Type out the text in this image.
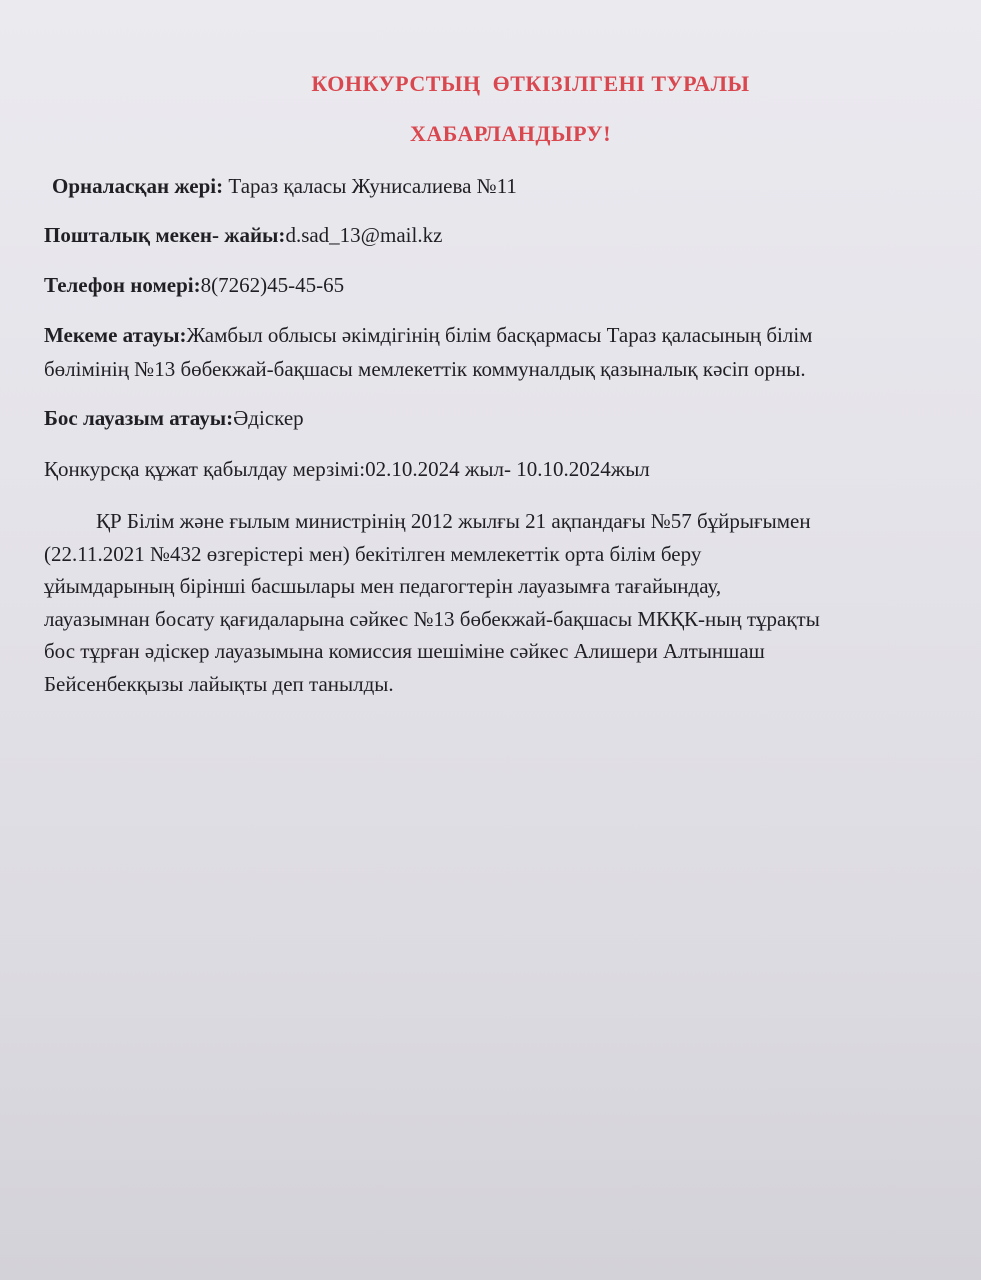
КОНКУРСТЫҢ  ӨТКІЗІЛГЕНІ ТУРАЛЫ
ХАБАРЛАНДЫРУ!
Орналасқан жері: Тараз қаласы Жунисалиева №11
Пошталық мекен- жайы:d.sad_13@mail.kz
Телефон номері:8(7262)45-45-65
Мекеме атауы:Жамбыл облысы әкімдігінің білім басқармасы Тараз қаласының білім
бөлімінің №13 бөбекжай-бақшасы мемлекеттік коммуналдық қазыналық кәсіп орны.
Бос лауазым атауы:Әдіскер
Қонкурсқа құжат қабылдау мерзімі:02.10.2024 жыл- 10.10.2024жыл
ҚР Білім және ғылым министрінің 2012 жылғы 21 ақпандағы №57 бұйрығымен
(22.11.2021 №432 өзгерістері мен) бекітілген мемлекеттік орта білім беру
ұйымдарының бірінші басшылары мен педагогтерін лауазымға тағайындау,
лауазымнан босату қағидаларына сәйкес №13 бөбекжай-бақшасы МКҚК-ның тұрақты
бос тұрған әдіскер лауазымына комиссия шешіміне сәйкес Алишери Алтыншаш
Бейсенбекқызы лайықты деп танылды.
